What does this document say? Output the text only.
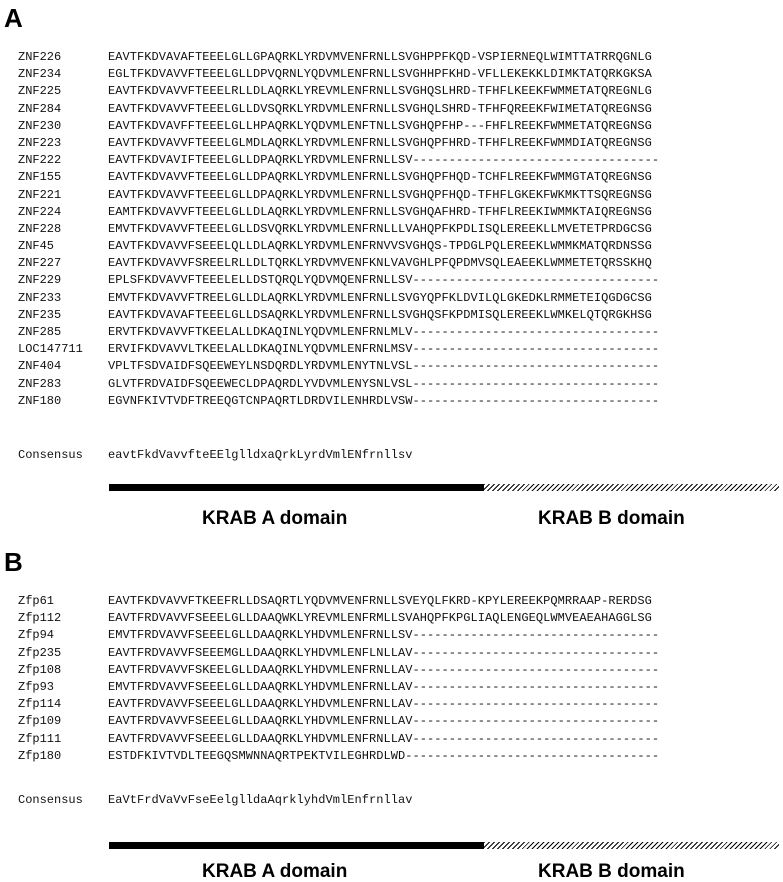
A
ZNF226	EAVTFKDVAVAFTEEELGLLGPAQRKLYRDVMVENFRNLLSVGHPPFKQD-VSPIERNEQLWIMTTATRRQGNLG
ZNF234	EGLTFKDVAVVFTEEELGLLDPVQRNLYQDVMLENFRNLLSVGHHPFKHD-VFLLEKEKKLDIMKTATQRKGKSA
ZNF225	EAVTFKDVAVVFTEEELRLLDLAQRKLYREVMLENFRNLLSVGHQSLHRD-TFHFLKEEKFWMMETATQREGNLG
ZNF284	EAVTFKDVAVVFTEEELGLLDVSQRKLYRDVMLENFRNLLSVGHQLSHRD-TFHFQREEKFWIMETATQREGNSG
ZNF230	EAVTFKDVAVFFTEEELGLLHPAQRKLYQDVMLENFTNLLSVGHQPFHP---FHFLREEKFWMMETATQREGNSG
ZNF223	EAVTFKDVAVVFTEEELGLMDLAQRKLYRDVMLENFRNLLSVGHQPFHRD-TFHFLREEKFWMMDIATQREGNSG
ZNF222	EAVTFKDVAVIFTEEELGLLDPAQRKLYRDVMLENFRNLLSV----------------------------------
ZNF155	EAVTFKDVAVVFTEEELGLLDPAQRKLYRDVMLENFRNLLSVGHQPFHQD-TCHFLREEKFWMMGTATQREGNSG
ZNF221	EAVTFKDVAVVFTEEELGLLDPAQRKLYRDVMLENFRNLLSVGHQPFHQD-TFHFLGKEKFWKMKTTSQREGNSG
ZNF224	EAMTFKDVAVVFTEEELGLLDLAQRKLYRDVMLENFRNLLSVGHQAFHRD-TFHFLREEKIWMMKTAIQREGNSG
ZNF228	EMVTFKDVAVVFTEEELGLLDSVQRKLYRDVMLENFRNLLLVAHQPFKPDLISQLEREEKLLMVETETPRDGCSG
ZNF45	EAVTFKDVAVVFSEEELQLLDLAQRKLYRDVMLENFRNVVSVGHQS-TPDGLPQLEREEKLWMMKMATQRDNSSG
ZNF227	EAVTFKDVAVVFSREELRLLDLTQRKLYRDVMVENFKNLVAVGHLPFQPDMVSQLEAEEKLWMMETETQRSSKHQ
ZNF229	EPLSFKDVAVVFTEEELELLDSTQRQLYQDVMQENFRNLLSV----------------------------------
ZNF233	EMVTFKDVAVVFTREELGLLDLAQRKLYRDVMLENFRNLLSVGYQPFKLDVILQLGKEDKLRMMETEIQGDGCSG
ZNF235	EAVTFKDVAVAFTEEELGLLDSAQRKLYRDVMLENFRNLLSVGHQSFKPDMISQLEREEKLWMKELQTQRGKHSG
ZNF285	ERVTFKDVAVVFTKEELALLDKAQINLYQDVMLENFRNLMLV----------------------------------
LOC147711	ERVIFKDVAVVLTKEELALLDKAQINLYQDVMLENFRNLMSV----------------------------------
ZNF404	VPLTFSDVAIDFSQEEWEYLNSDQRDLYRDVMLENYTNLVSL----------------------------------
ZNF283	GLVTFRDVAIDFSQEEWECLDPAQRDLYVDVMLENYSNLVSL----------------------------------
ZNF180	EGVNFKIVTVDFTREEQGTCNPAQRTLDRDVILENHRDLVSW----------------------------------
Consensus	eavtFkdVavvfteEElglldxaQrkLyrdVmlENfrnllsv
KRAB A domain	KRAB B domain
B
Zfp61	EAVTFKDVAVVFTKEEFRLLDSAQRTLYQDVMVENFRNLLSVEYQLFKRD-KPYLEREEKPQMRRAAP-RERDSG
Zfp112	EAVTFRDVAVVFSEEELGLLDAAQWKLYREVMLENFRMLLSVAHQPFKPGLIAQLENGEQLWMVEAEAHAGGLSG
Zfp94	EMVTFRDVAVVFSEEELGLLDAAQRKLYHDVMLENFRNLLSV----------------------------------
Zfp235	EAVTFRDVAVVFSEEEMGLLDAAQRKLYHDVMLENFLNLLAV----------------------------------
Zfp108	EAVTFRDVAVVFSKEELGLLDAAQRKLYHDVMLENFRNLLAV----------------------------------
Zfp93	EMVTFRDVAVVFSEEELGLLDAAQRKLYHDVMLENFRNLLAV----------------------------------
Zfp114	EAVTFRDVAVVFSEEELGLLDAAQRKLYHDVMLENFRNLLAV----------------------------------
Zfp109	EAVTFRDVAVVFSEEELGLLDAAQRKLYHDVMLENFRNLLAV----------------------------------
Zfp111	EAVTFRDVAVVFSEEELGLLDAAQRKLYHDVMLENFRNLLAV----------------------------------
Zfp180	ESTDFKIVTVDLTEEGQSMWNNAQRTPEKTVILEGHRDLWD-----------------------------------
Consensus	EaVtFrdVaVvFseEelglldaAqrklyhdVmlEnfrnllav
KRAB A domain	KRAB B domain
